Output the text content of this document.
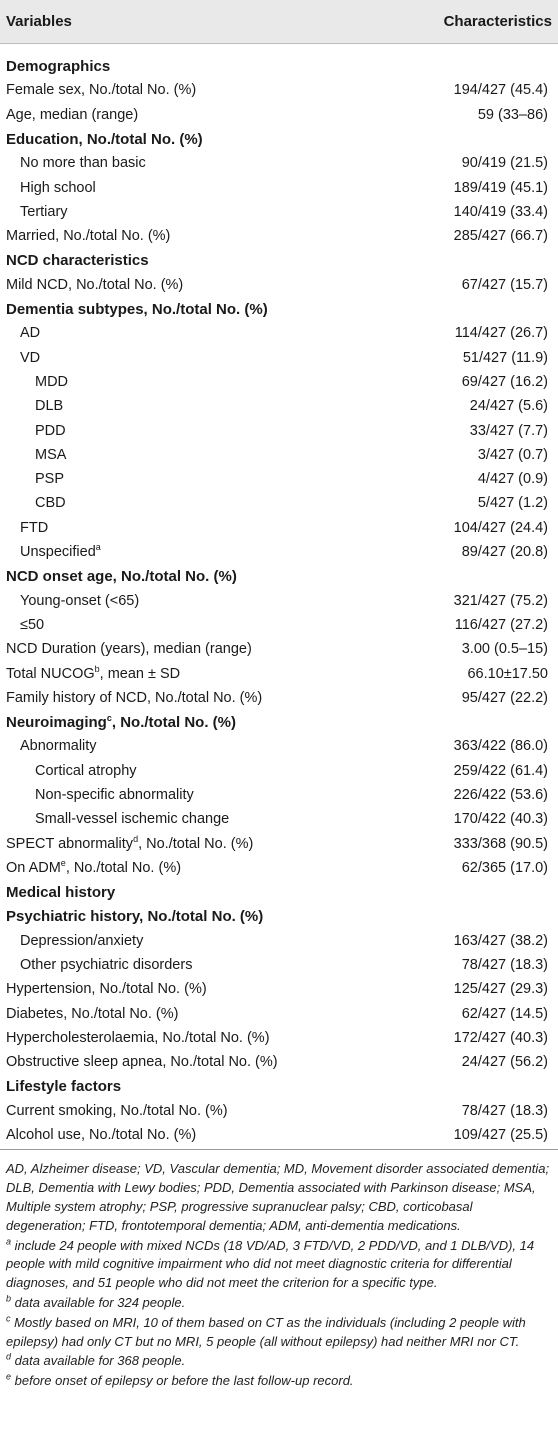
Variables	Characteristics
Demographics
Female sex, No./total No. (%)	194/427 (45.4)
Age, median (range)	59 (33–86)
Education, No./total No. (%)
No more than basic	90/419 (21.5)
High school	189/419 (45.1)
Tertiary	140/419 (33.4)
Married, No./total No. (%)	285/427 (66.7)
NCD characteristics
Mild NCD, No./total No. (%)	67/427 (15.7)
Dementia subtypes, No./total No. (%)
AD	114/427 (26.7)
VD	51/427 (11.9)
MDD	69/427 (16.2)
DLB	24/427 (5.6)
PDD	33/427 (7.7)
MSA	3/427 (0.7)
PSP	4/427 (0.9)
CBD	5/427 (1.2)
FTD	104/427 (24.4)
Unspecified$^a$	89/427 (20.8)
NCD onset age, No./total No. (%)
Young-onset (<65)	321/427 (75.2)
≤50	116/427 (27.2)
NCD Duration (years), median (range)	3.00 (0.5–15)
Total NUCOG$^b$, mean ± SD	66.10±17.50
Family history of NCD, No./total No. (%)	95/427 (22.2)
Neuroimaging$^c$, No./total No. (%)
Abnormality	363/422 (86.0)
Cortical atrophy	259/422 (61.4)
Non-specific abnormality	226/422 (53.6)
Small-vessel ischemic change	170/422 (40.3)
SPECT abnormality$^d$, No./total No. (%)	333/368 (90.5)
On ADM$^e$, No./total No. (%)	62/365 (17.0)
Medical history
Psychiatric history, No./total No. (%)
Depression/anxiety	163/427 (38.2)
Other psychiatric disorders	78/427 (18.3)
Hypertension, No./total No. (%)	125/427 (29.3)
Diabetes, No./total No. (%)	62/427 (14.5)
Hypercholesterolaemia, No./total No. (%)	172/427 (40.3)
Obstructive sleep apnea, No./total No. (%)	24/427 (56.2)
Lifestyle factors
Current smoking, No./total No. (%)	78/427 (18.3)
Alcohol use, No./total No. (%)	109/427 (25.5)

AD, Alzheimer disease; VD, Vascular dementia; MD, Movement disorder associated dementia; DLB, Dementia with Lewy bodies; PDD, Dementia associated with Parkinson disease; MSA, Multiple system atrophy; PSP, progressive supranuclear palsy; CBD, corticobasal degeneration; FTD, frontotemporal dementia; ADM, anti-dementia medications.

$^a$ include 24 people with mixed NCDs (18 VD/AD, 3 FTD/VD, 2 PDD/VD, and 1 DLB/VD), 14 people with mild cognitive impairment who did not meet diagnostic criteria for differential diagnoses, and 51 people who did not meet the criterion for a specific type.

$^b$ data available for 324 people.

$^c$ Mostly based on MRI, 10 of them based on CT as the individuals (including 2 people with epilepsy) had only CT but no MRI, 5 people (all without epilepsy) had neither MRI nor CT.

$^d$ data available for 368 people.

$^e$ before onset of epilepsy or before the last follow-up record.
